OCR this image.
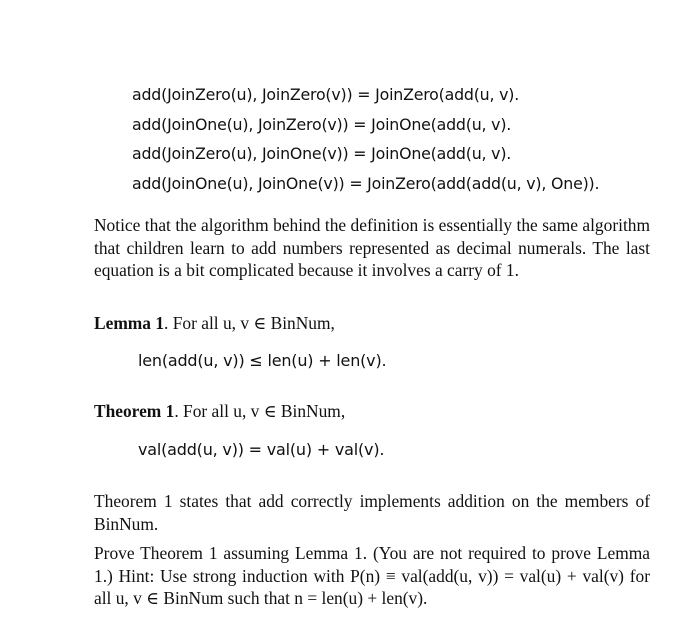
add(JoinZero(u), JoinZero(v)) = JoinZero(add(u, v).
add(JoinOne(u), JoinZero(v)) = JoinOne(add(u, v).
add(JoinZero(u), JoinOne(v)) = JoinOne(add(u, v).
add(JoinOne(u), JoinOne(v)) = JoinZero(add(add(u, v), One)).
Notice that the algorithm behind the definition is essentially the same algorithm that children learn to add numbers represented as decimal numerals. The last equation is a bit complicated because it involves a carry of 1.
Lemma 1. For all u, v ∈ BinNum,
len(add(u, v)) ≤ len(u) + len(v).
Theorem 1. For all u, v ∈ BinNum,
val(add(u, v)) = val(u) + val(v).
Theorem 1 states that add correctly implements addition on the members of BinNum.
Prove Theorem 1 assuming Lemma 1. (You are not required to prove Lemma 1.) Hint: Use strong induction with P(n) ≡ val(add(u, v)) = val(u) + val(v) for all u, v ∈ BinNum such that n = len(u) + len(v).
